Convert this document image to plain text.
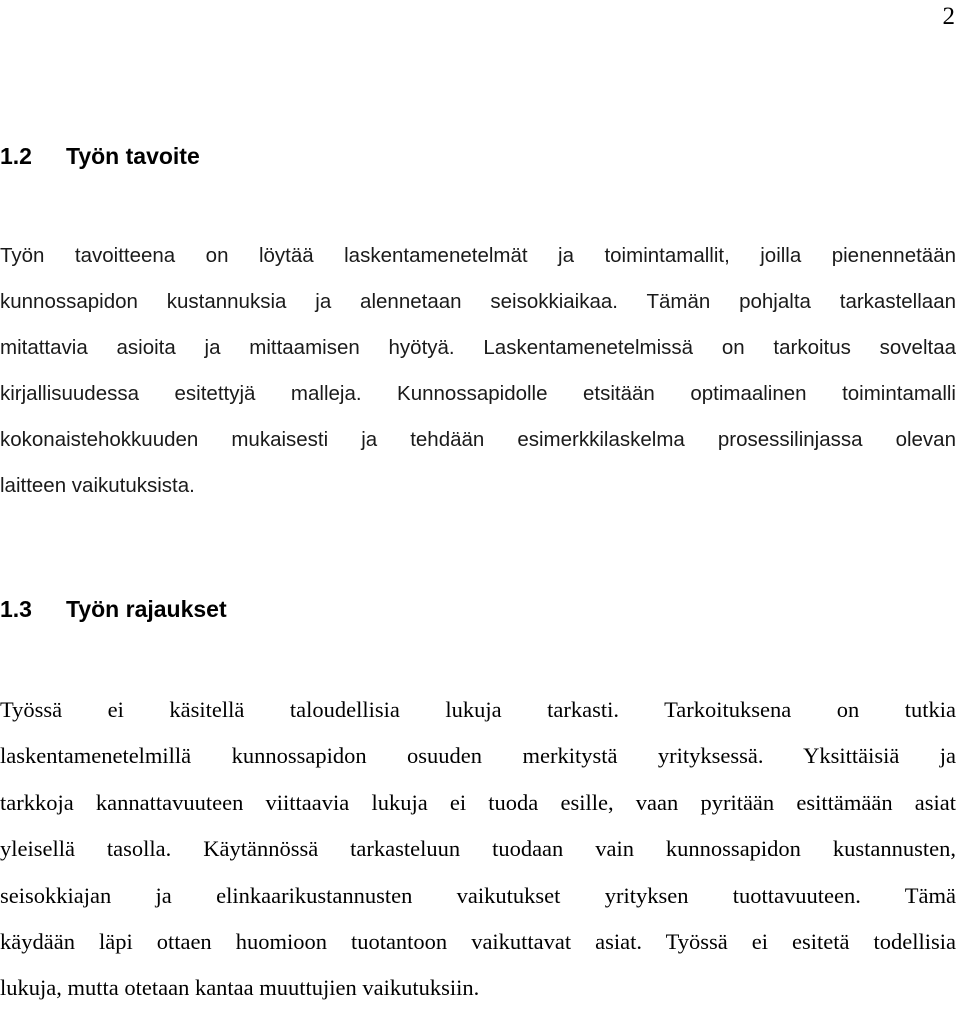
2
1.2 Työn tavoite
Työn tavoitteena on löytää laskentamenetelmät ja toimintamallit, joilla pienennetään
kunnossapidon kustannuksia ja alennetaan seisokkiaikaa. Tämän pohjalta tarkastellaan
mitattavia asioita ja mittaamisen hyötyä. Laskentamenetelmissä on tarkoitus soveltaa
kirjallisuudessa esitettyjä malleja. Kunnossapidolle etsitään optimaalinen toimintamalli
kokonaistehokkuuden mukaisesti ja tehdään esimerkkilaskelma prosessilinjassa olevan
laitteen vaikutuksista.
1.3 Työn rajaukset
Työssä ei käsitellä taloudellisia lukuja tarkasti. Tarkoituksena on tutkia
laskentamenetelmillä kunnossapidon osuuden merkitystä yrityksessä. Yksittäisiä ja
tarkkoja kannattavuuteen viittaavia lukuja ei tuoda esille, vaan pyritään esittämään asiat
yleisellä tasolla. Käytännössä tarkasteluun tuodaan vain kunnossapidon kustannusten,
seisokkiajan ja elinkaarikustannusten vaikutukset yrityksen tuottavuuteen. Tämä
käydään läpi ottaen huomioon tuotantoon vaikuttavat asiat. Työssä ei esitetä todellisia
lukuja, mutta otetaan kantaa muuttujien vaikutuksiin.
